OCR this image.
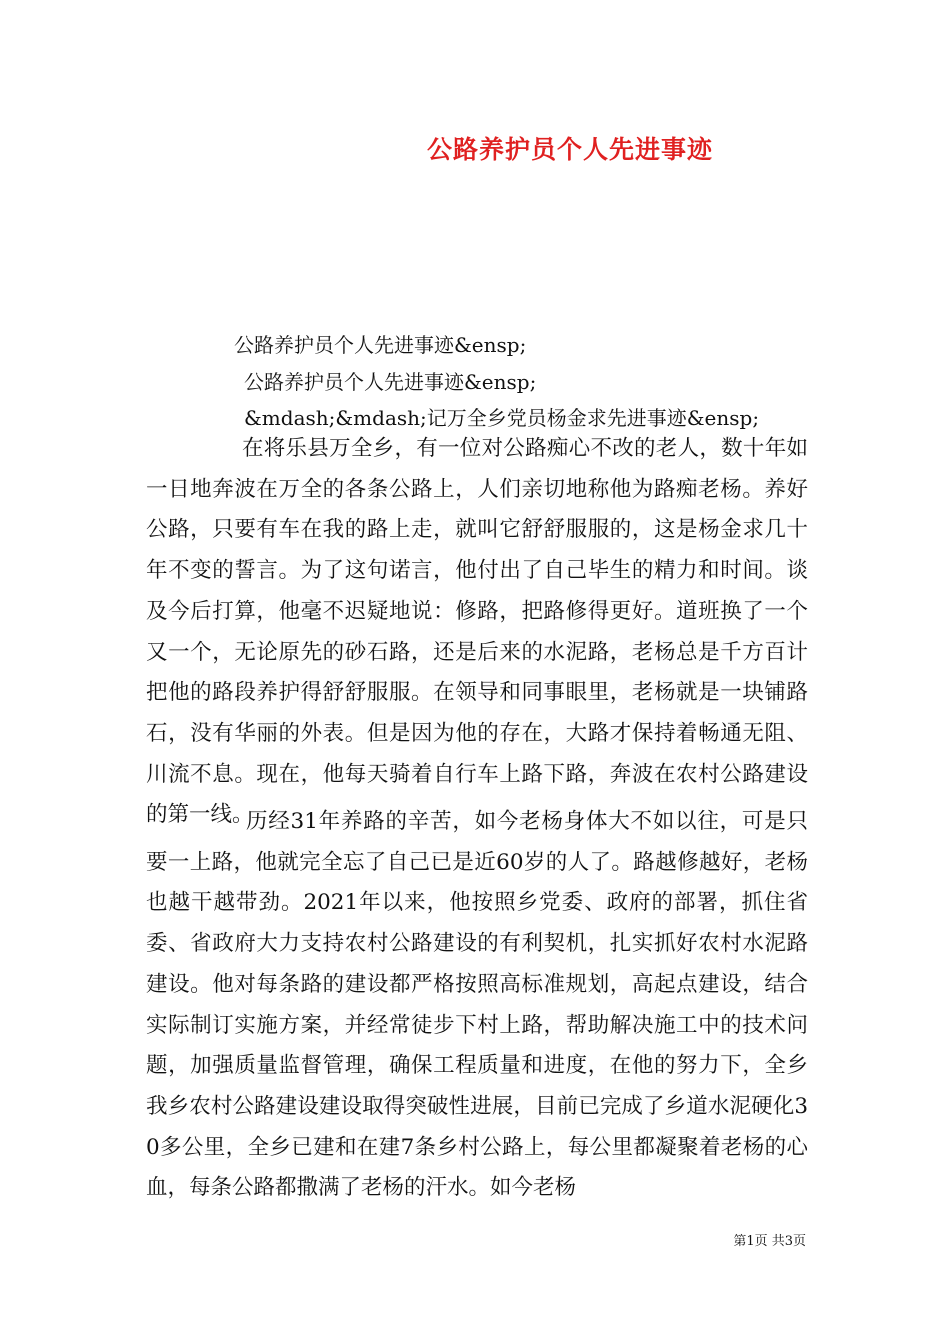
公路养护员个人先进事迹
公路养护员个人先进事迹&ensp;
公路养护员个人先进事迹&ensp;
&mdash;&mdash;记万全乡党员杨金求先进事迹&ensp;

在将乐县万全乡，有一位对公路痴心不改的老人，数十年如一日地奔波在万全的各条公路上，人们亲切地称他为路痴老杨。养好公路，只要有车在我的路上走，就叫它舒舒服服的，这是杨金求几十年不变的誓言。为了这句诺言，他付出了自己毕生的精力和时间。谈及今后打算，他毫不迟疑地说：修路，把路修得更好。道班换了一个又一个，无论原先的砂石路，还是后来的水泥路，老杨总是千方百计把他的路段养护得舒舒服服。在领导和同事眼里，老杨就是一块铺路石，没有华丽的外表。但是因为他的存在，大路才保持着畅通无阻、川流不息。现在，他每天骑着自行车上路下路，奔波在农村公路建设的第一线。

历经31年养路的辛苦，如今老杨身体大不如以往，可是只要一上路，他就完全忘了自己已是近60岁的人了。路越修越好，老杨也越干越带劲。2021年以来，他按照乡党委、政府的部署，抓住省委、省政府大力支持农村公路建设的有利契机，扎实抓好农村水泥路建设。他对每条路的建设都严格按照高标准规划，高起点建设，结合实际制订实施方案，并经常徒步下村上路，帮助解决施工中的技术问题，加强质量监督管理，确保工程质量和进度，在他的努力下，全乡我乡农村公路建设建设取得突破性进展，目前已完成了乡道水泥硬化30多公里，全乡已建和在建7条乡村公路上，每公里都凝聚着老杨的心血，每条公路都撒满了老杨的汗水。如今老杨

第1页 共3页
